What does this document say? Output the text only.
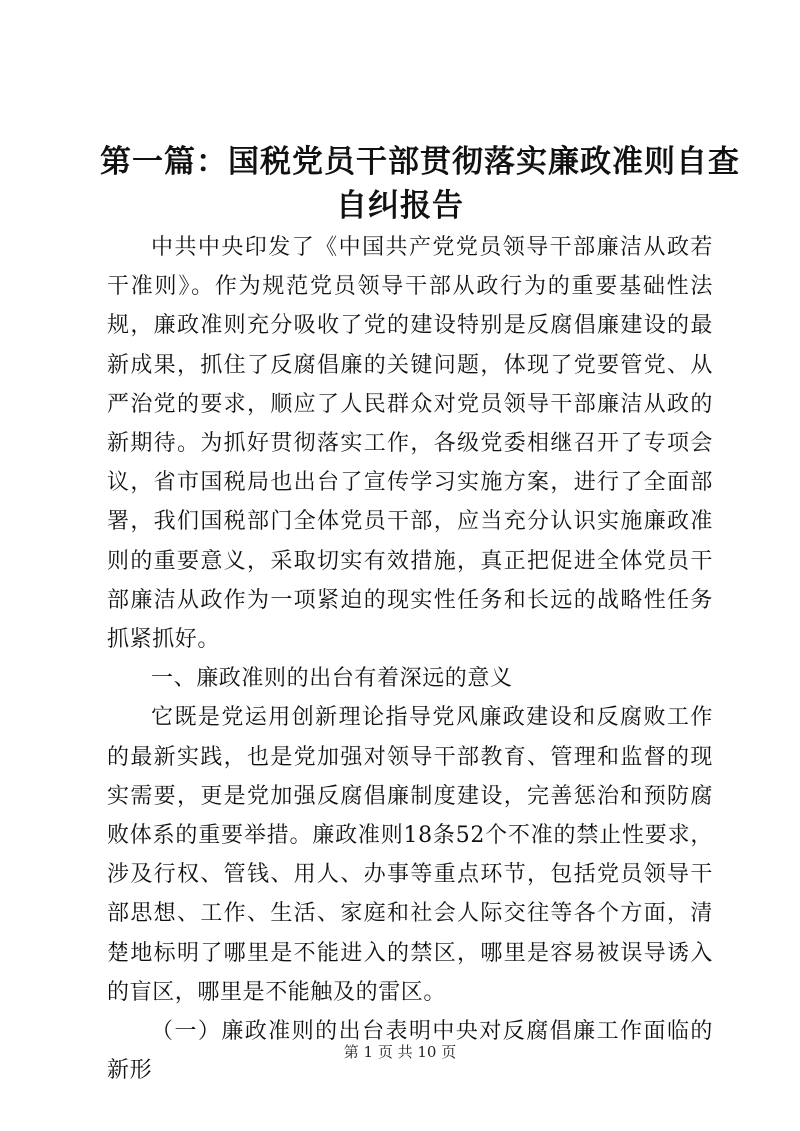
第一篇：国税党员干部贯彻落实廉政准则自查
自纠报告

中共中央印发了《中国共产党党员领导干部廉洁从政若干准则》。作为规范党员领导干部从政行为的重要基础性法规，廉政准则充分吸收了党的建设特别是反腐倡廉建设的最新成果，抓住了反腐倡廉的关键问题，体现了党要管党、从严治党的要求，顺应了人民群众对党员领导干部廉洁从政的新期待。为抓好贯彻落实工作，各级党委相继召开了专项会议，省市国税局也出台了宣传学习实施方案，进行了全面部署，我们国税部门全体党员干部，应当充分认识实施廉政准则的重要意义，采取切实有效措施，真正把促进全体党员干部廉洁从政作为一项紧迫的现实性任务和长远的战略性任务抓紧抓好。

一、廉政准则的出台有着深远的意义

它既是党运用创新理论指导党风廉政建设和反腐败工作的最新实践，也是党加强对领导干部教育、管理和监督的现实需要，更是党加强反腐倡廉制度建设，完善惩治和预防腐败体系的重要举措。廉政准则18条52个不准的禁止性要求，涉及行权、管钱、用人、办事等重点环节，包括党员领导干部思想、工作、生活、家庭和社会人际交往等各个方面，清楚地标明了哪里是不能进入的禁区，哪里是容易被误导诱入的盲区，哪里是不能触及的雷区。

（一）廉政准则的出台表明中央对反腐倡廉工作面临的新形

第 1 页 共 10 页
